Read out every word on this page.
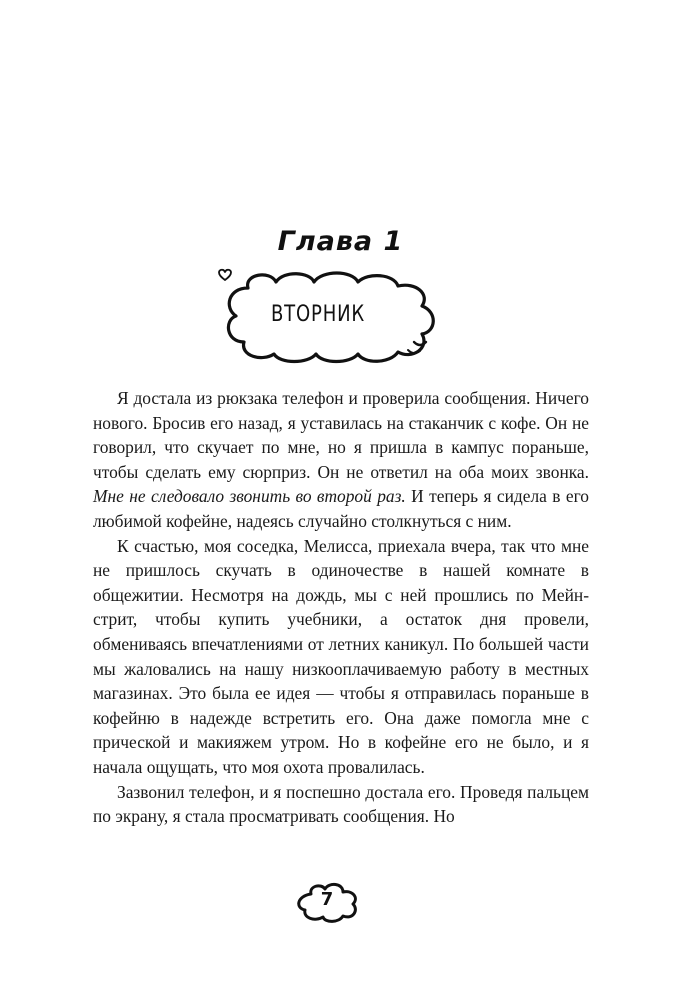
Глава 1
ВТОРНИК

Я достала из рюкзака телефон и проверила сообщения. Ничего нового. Бросив его назад, я уставилась на стаканчик с кофе. Он не говорил, что скучает по мне, но я пришла в кампус пораньше, чтобы сделать ему сюрприз. Он не ответил на оба моих звонка. Мне не следовало звонить во второй раз. И теперь я сидела в его любимой кофейне, надеясь случайно столкнуться с ним.

К счастью, моя соседка, Мелисса, приехала вчера, так что мне не пришлось скучать в одиночестве в нашей комнате в общежитии. Несмотря на дождь, мы с ней прошлись по Мейн-стрит, чтобы купить учебники, а остаток дня провели, обмениваясь впечатлениями от летних каникул. По большей части мы жаловались на нашу низкооплачиваемую работу в местных магазинах. Это была ее идея — чтобы я отправилась пораньше в кофейню в надежде встретить его. Она даже помогла мне с прической и макияжем утром. Но в кофейне его не было, и я начала ощущать, что моя охота провалилась.

Зазвонил телефон, и я поспешно достала его. Проведя пальцем по экрану, я стала просматривать сообщения. Но

7
